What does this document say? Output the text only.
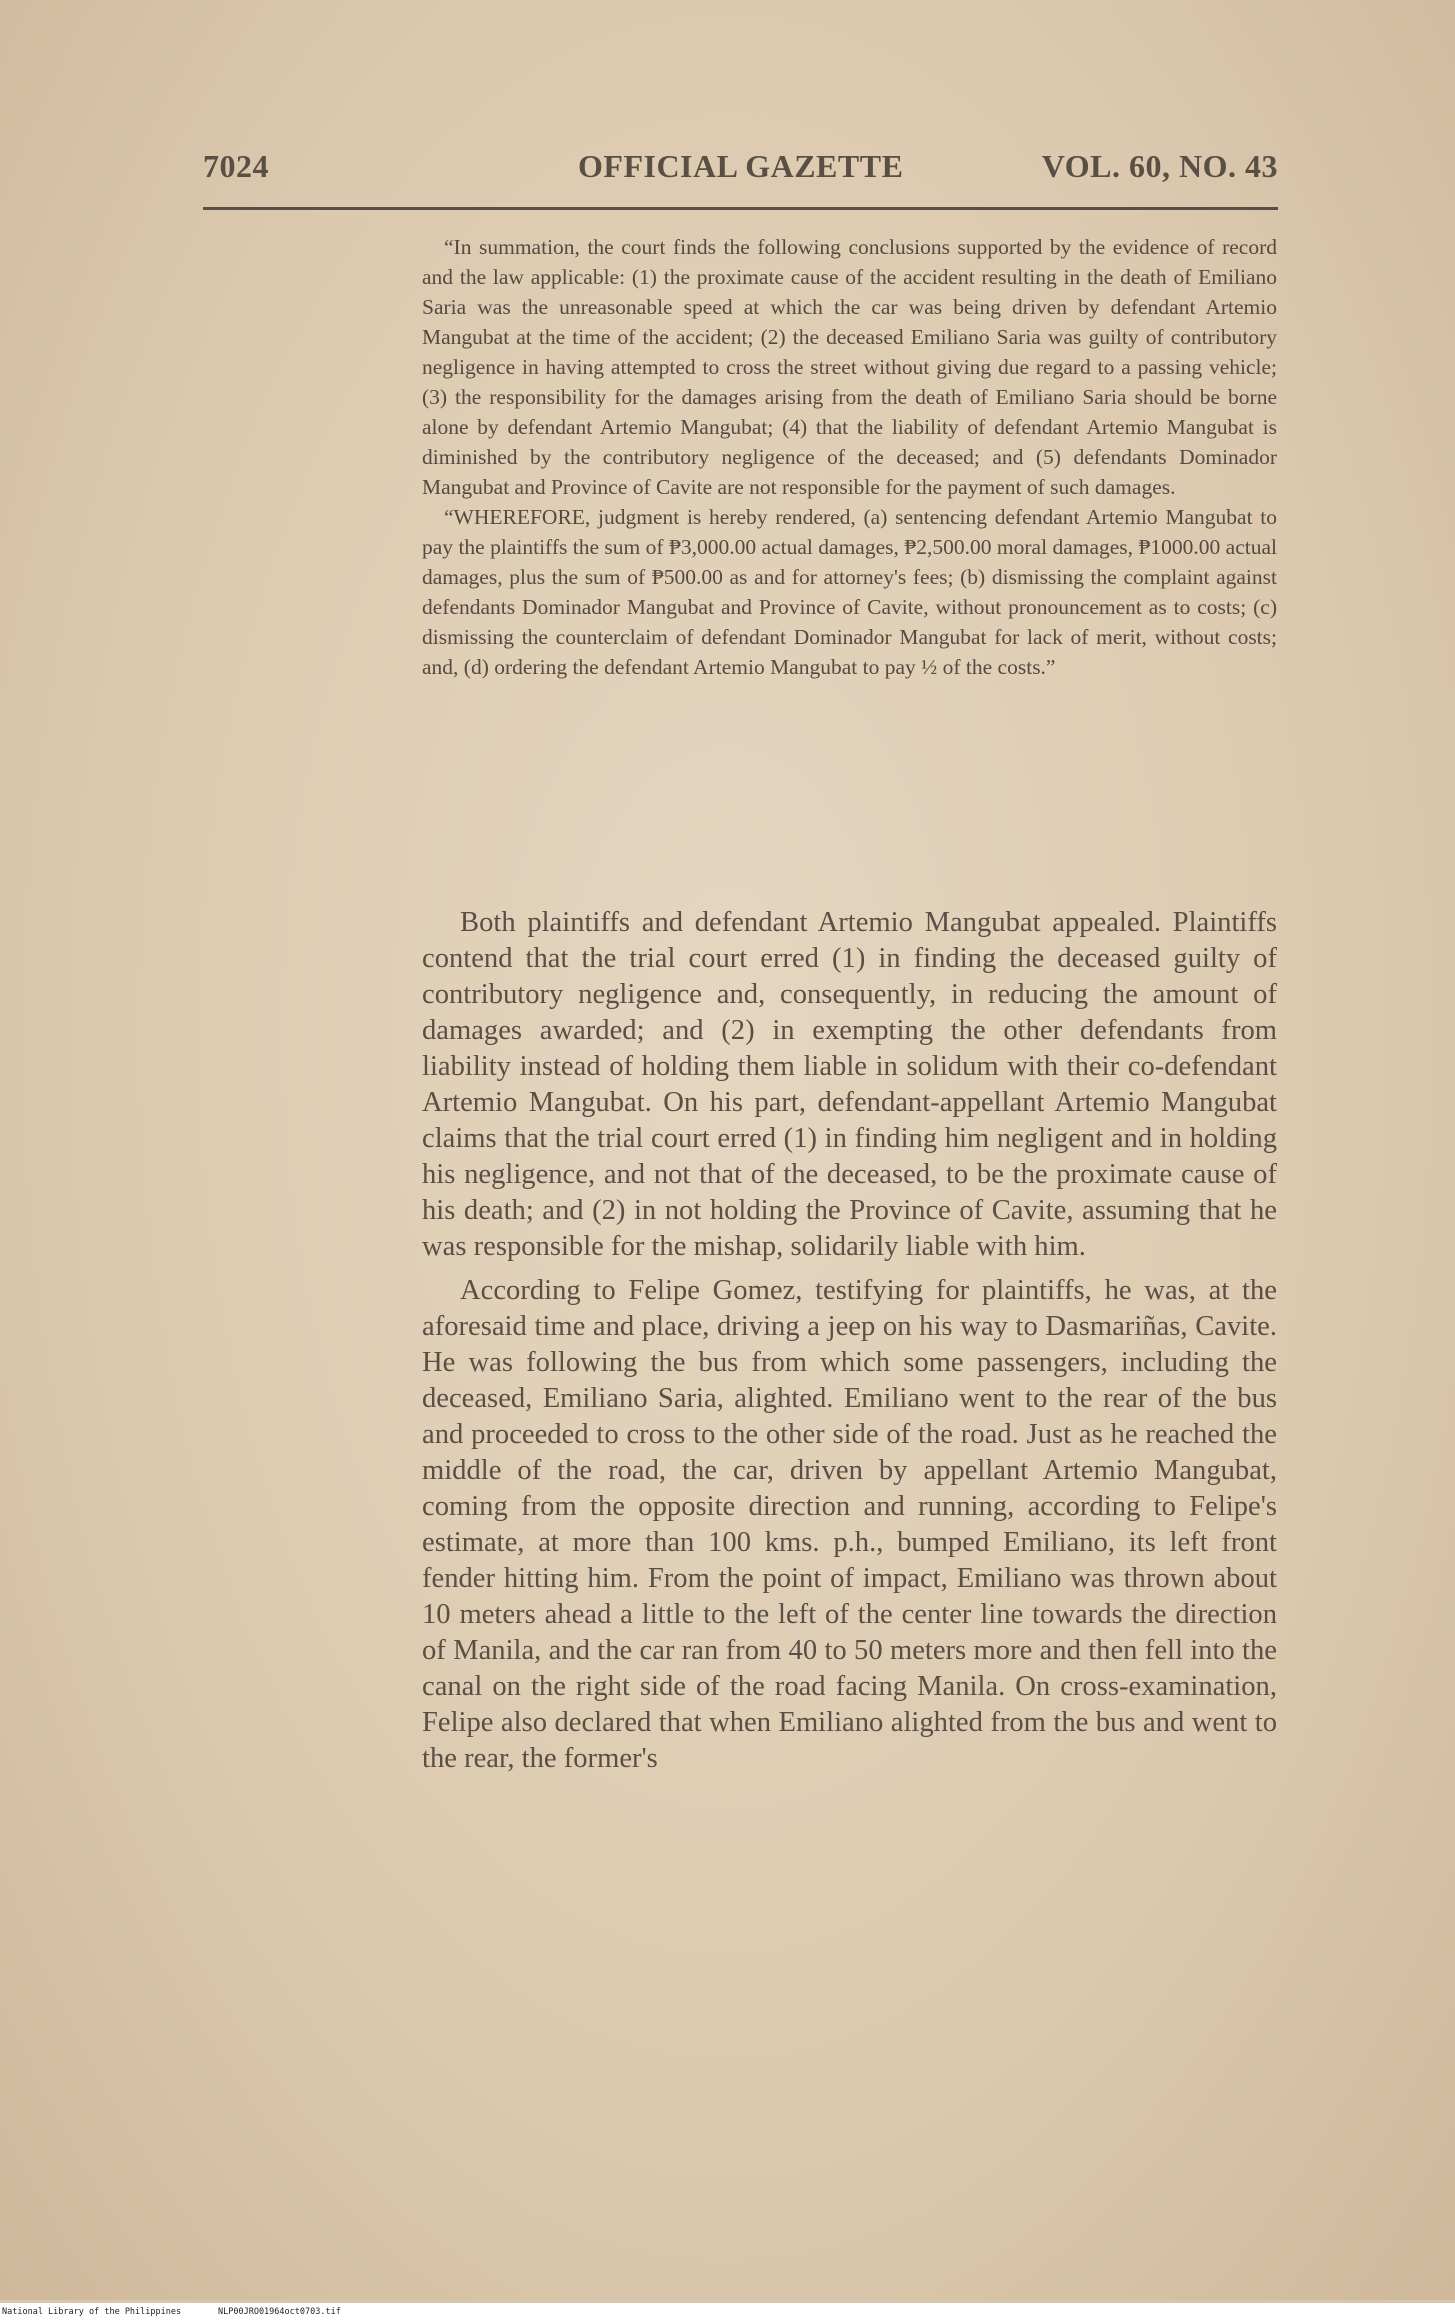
7024	OFFICIAL GAZETTE	VOL. 60, NO. 43

“In summation, the court finds the following conclusions supported by the evidence of record and the law applicable: (1) the proximate cause of the accident resulting in the death of Emiliano Saria was the unreasonable speed at which the car was being driven by defendant Artemio Mangubat at the time of the accident; (2) the deceased Emiliano Saria was guilty of contributory negligence in having attempted to cross the street without giving due regard to a passing vehicle; (3) the responsibility for the damages arising from the death of Emiliano Saria should be borne alone by defendant Artemio Mangubat; (4) that the liability of defendant Artemio Mangubat is diminished by the contributory negligence of the deceased; and (5) defendants Dominador Mangubat and Province of Cavite are not responsible for the payment of such damages.

“WHEREFORE, judgment is hereby rendered, (a) sentencing defendant Artemio Mangubat to pay the plaintiffs the sum of ₱3,000.00 actual damages, ₱2,500.00 moral damages, ₱1000.00 actual damages, plus the sum of ₱500.00 as and for attorney's fees; (b) dismissing the complaint against defendants Dominador Mangubat and Province of Cavite, without pronouncement as to costs; (c) dismissing the counterclaim of defendant Dominador Mangubat for lack of merit, without costs; and, (d) ordering the defendant Artemio Mangubat to pay ½ of the costs.”

Both plaintiffs and defendant Artemio Mangubat appealed. Plaintiffs contend that the trial court erred (1) in finding the deceased guilty of contributory negligence and, consequently, in reducing the amount of damages awarded; and (2) in exempting the other defendants from liability instead of holding them liable in solidum with their co-defendant Artemio Mangubat. On his part, defendant-appellant Artemio Mangubat claims that the trial court erred (1) in finding him negligent and in holding his negligence, and not that of the deceased, to be the proximate cause of his death; and (2) in not holding the Province of Cavite, assuming that he was responsible for the mishap, solidarily liable with him.

According to Felipe Gomez, testifying for plaintiffs, he was, at the aforesaid time and place, driving a jeep on his way to Dasmariñas, Cavite. He was following the bus from which some passengers, including the deceased, Emiliano Saria, alighted. Emiliano went to the rear of the bus and proceeded to cross to the other side of the road. Just as he reached the middle of the road, the car, driven by appellant Artemio Mangubat, coming from the opposite direction and running, according to Felipe's estimate, at more than 100 kms. p.h., bumped Emiliano, its left front fender hitting him. From the point of impact, Emiliano was thrown about 10 meters ahead a little to the left of the center line towards the direction of Manila, and the car ran from 40 to 50 meters more and then fell into the canal on the right side of the road facing Manila. On cross-examination, Felipe also declared that when Emiliano alighted from the bus and went to the rear, the former's

National Library of the Philippines	NLP00JRO01964oct0703.tif
